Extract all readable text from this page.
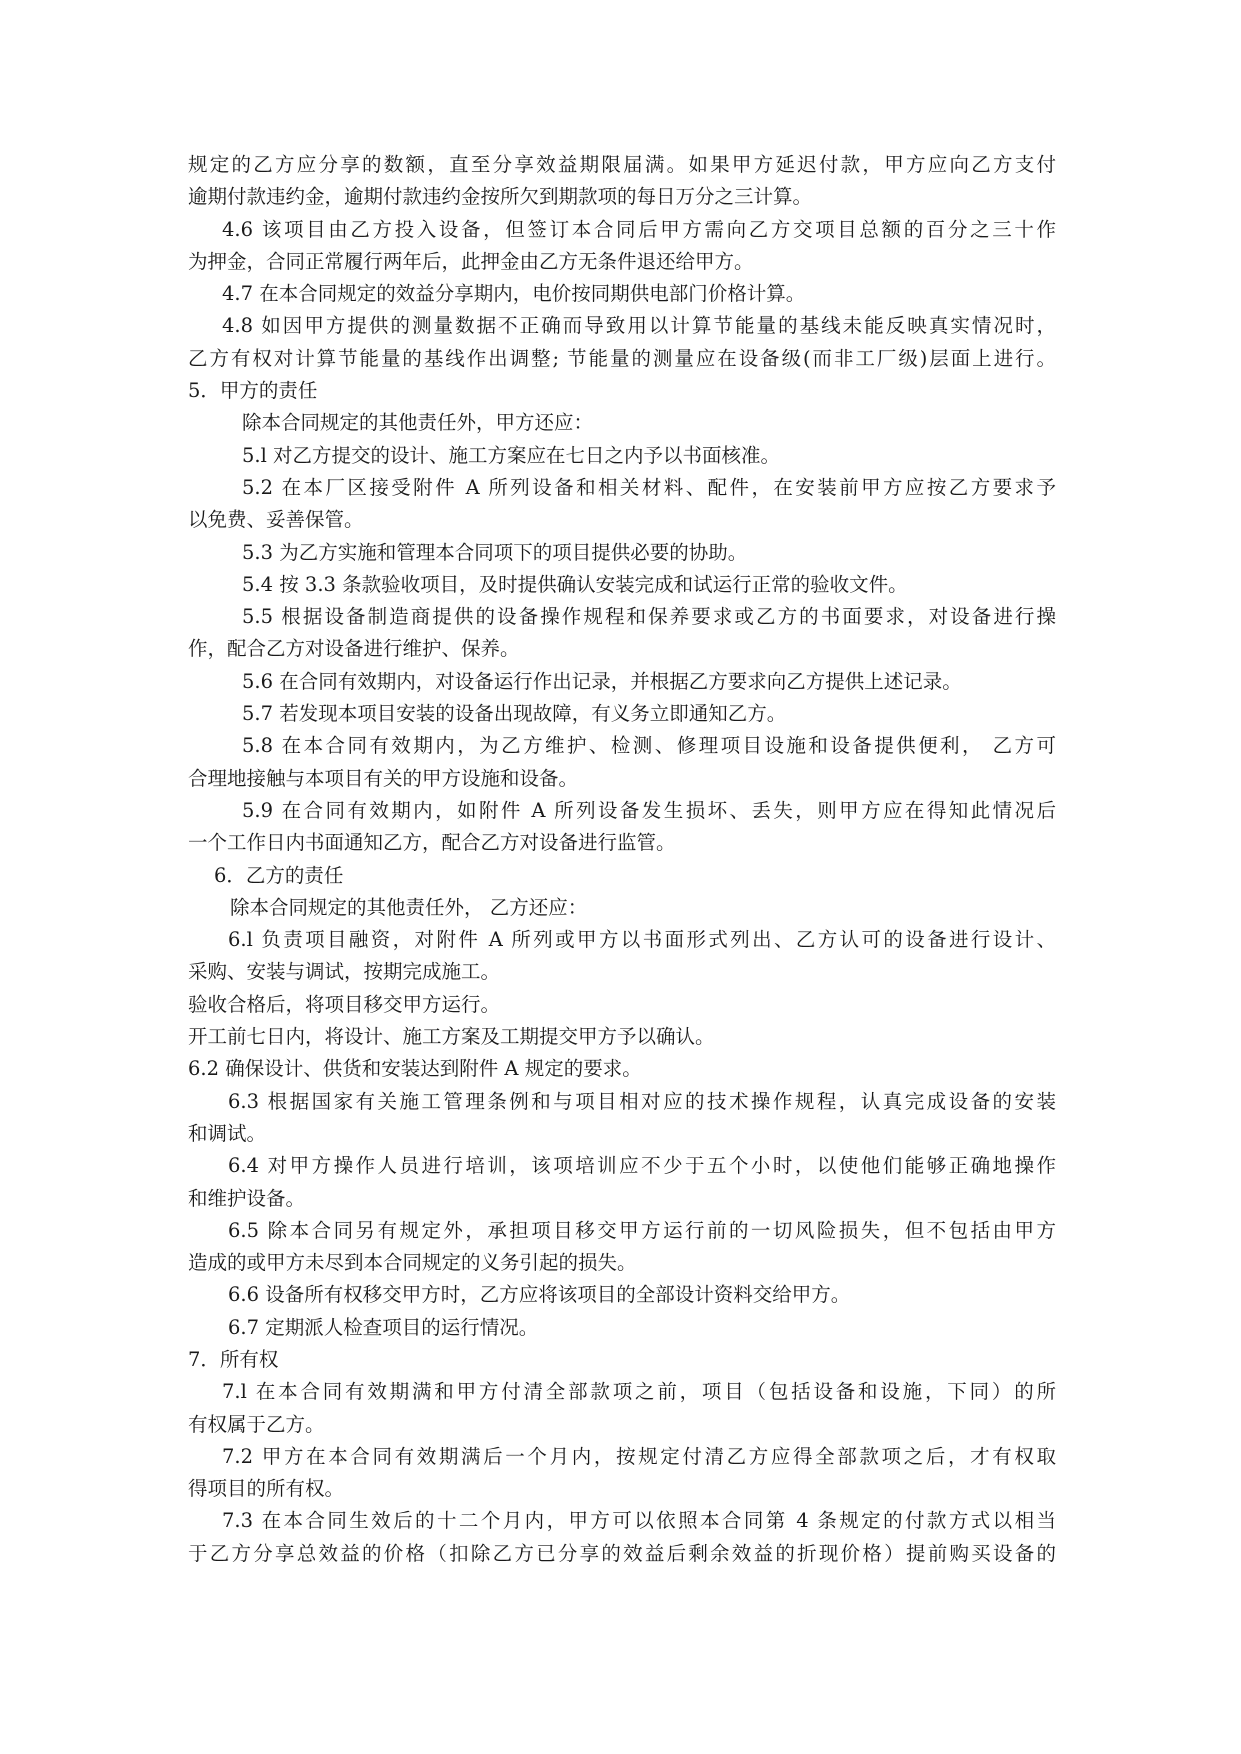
规定的乙方应分享的数额，直至分享效益期限届满。如果甲方延迟付款，甲方应向乙方支付
逾期付款违约金，逾期付款违约金按所欠到期款项的每日万分之三计算。
4.6 该项目由乙方投入设备，但签订本合同后甲方需向乙方交项目总额的百分之三十作
为押金，合同正常履行两年后，此押金由乙方无条件退还给甲方。
4.7 在本合同规定的效益分享期内，电价按同期供电部门价格计算。
4.8 如因甲方提供的测量数据不正确而导致用以计算节能量的基线未能反映真实情况时，
乙方有权对计算节能量的基线作出调整; 节能量的测量应在设备级(而非工厂级)层面上进行。
5．甲方的责任
除本合同规定的其他责任外，甲方还应：
5.l 对乙方提交的设计、施工方案应在七日之内予以书面核准。
5.2 在本厂区接受附件 A 所列设备和相关材料、配件，在安装前甲方应按乙方要求予
以免费、妥善保管。
5.3 为乙方实施和管理本合同项下的项目提供必要的协助。
5.4 按 3.3 条款验收项目，及时提供确认安装完成和试运行正常的验收文件。
5.5 根据设备制造商提供的设备操作规程和保养要求或乙方的书面要求，对设备进行操
作，配合乙方对设备进行维护、保养。
5.6 在合同有效期内，对设备运行作出记录，并根据乙方要求向乙方提供上述记录。
5.7 若发现本项目安装的设备出现故障，有义务立即通知乙方。
5.8 在本合同有效期内，为乙方维护、检测、修理项目设施和设备提供便利， 乙方可
合理地接触与本项目有关的甲方设施和设备。
5.9 在合同有效期内，如附件 A 所列设备发生损坏、丢失，则甲方应在得知此情况后
一个工作日内书面通知乙方，配合乙方对设备进行监管。
6．乙方的责任
除本合同规定的其他责任外， 乙方还应：
6.l 负责项目融资，对附件 A 所列或甲方以书面形式列出、乙方认可的设备进行设计、
采购、安装与调试，按期完成施工。
验收合格后，将项目移交甲方运行。
开工前七日内，将设计、施工方案及工期提交甲方予以确认。
6.2 确保设计、供货和安装达到附件 A 规定的要求。
6.3 根据国家有关施工管理条例和与项目相对应的技术操作规程，认真完成设备的安装
和调试。
6.4 对甲方操作人员进行培训，该项培训应不少于五个小时，以使他们能够正确地操作
和维护设备。
6.5 除本合同另有规定外，承担项目移交甲方运行前的一切风险损失，但不包括由甲方
造成的或甲方未尽到本合同规定的义务引起的损失。
6.6 设备所有权移交甲方时，乙方应将该项目的全部设计资料交给甲方。
6.7 定期派人检查项目的运行情况。
7．所有权
7.l 在本合同有效期满和甲方付清全部款项之前，项目（包括设备和设施，下同）的所
有权属于乙方。
7.2 甲方在本合同有效期满后一个月内，按规定付清乙方应得全部款项之后，才有权取
得项目的所有权。
7.3 在本合同生效后的十二个月内，甲方可以依照本合同第 4 条规定的付款方式以相当
于乙方分享总效益的价格（扣除乙方已分享的效益后剩余效益的折现价格）提前购买设备的
